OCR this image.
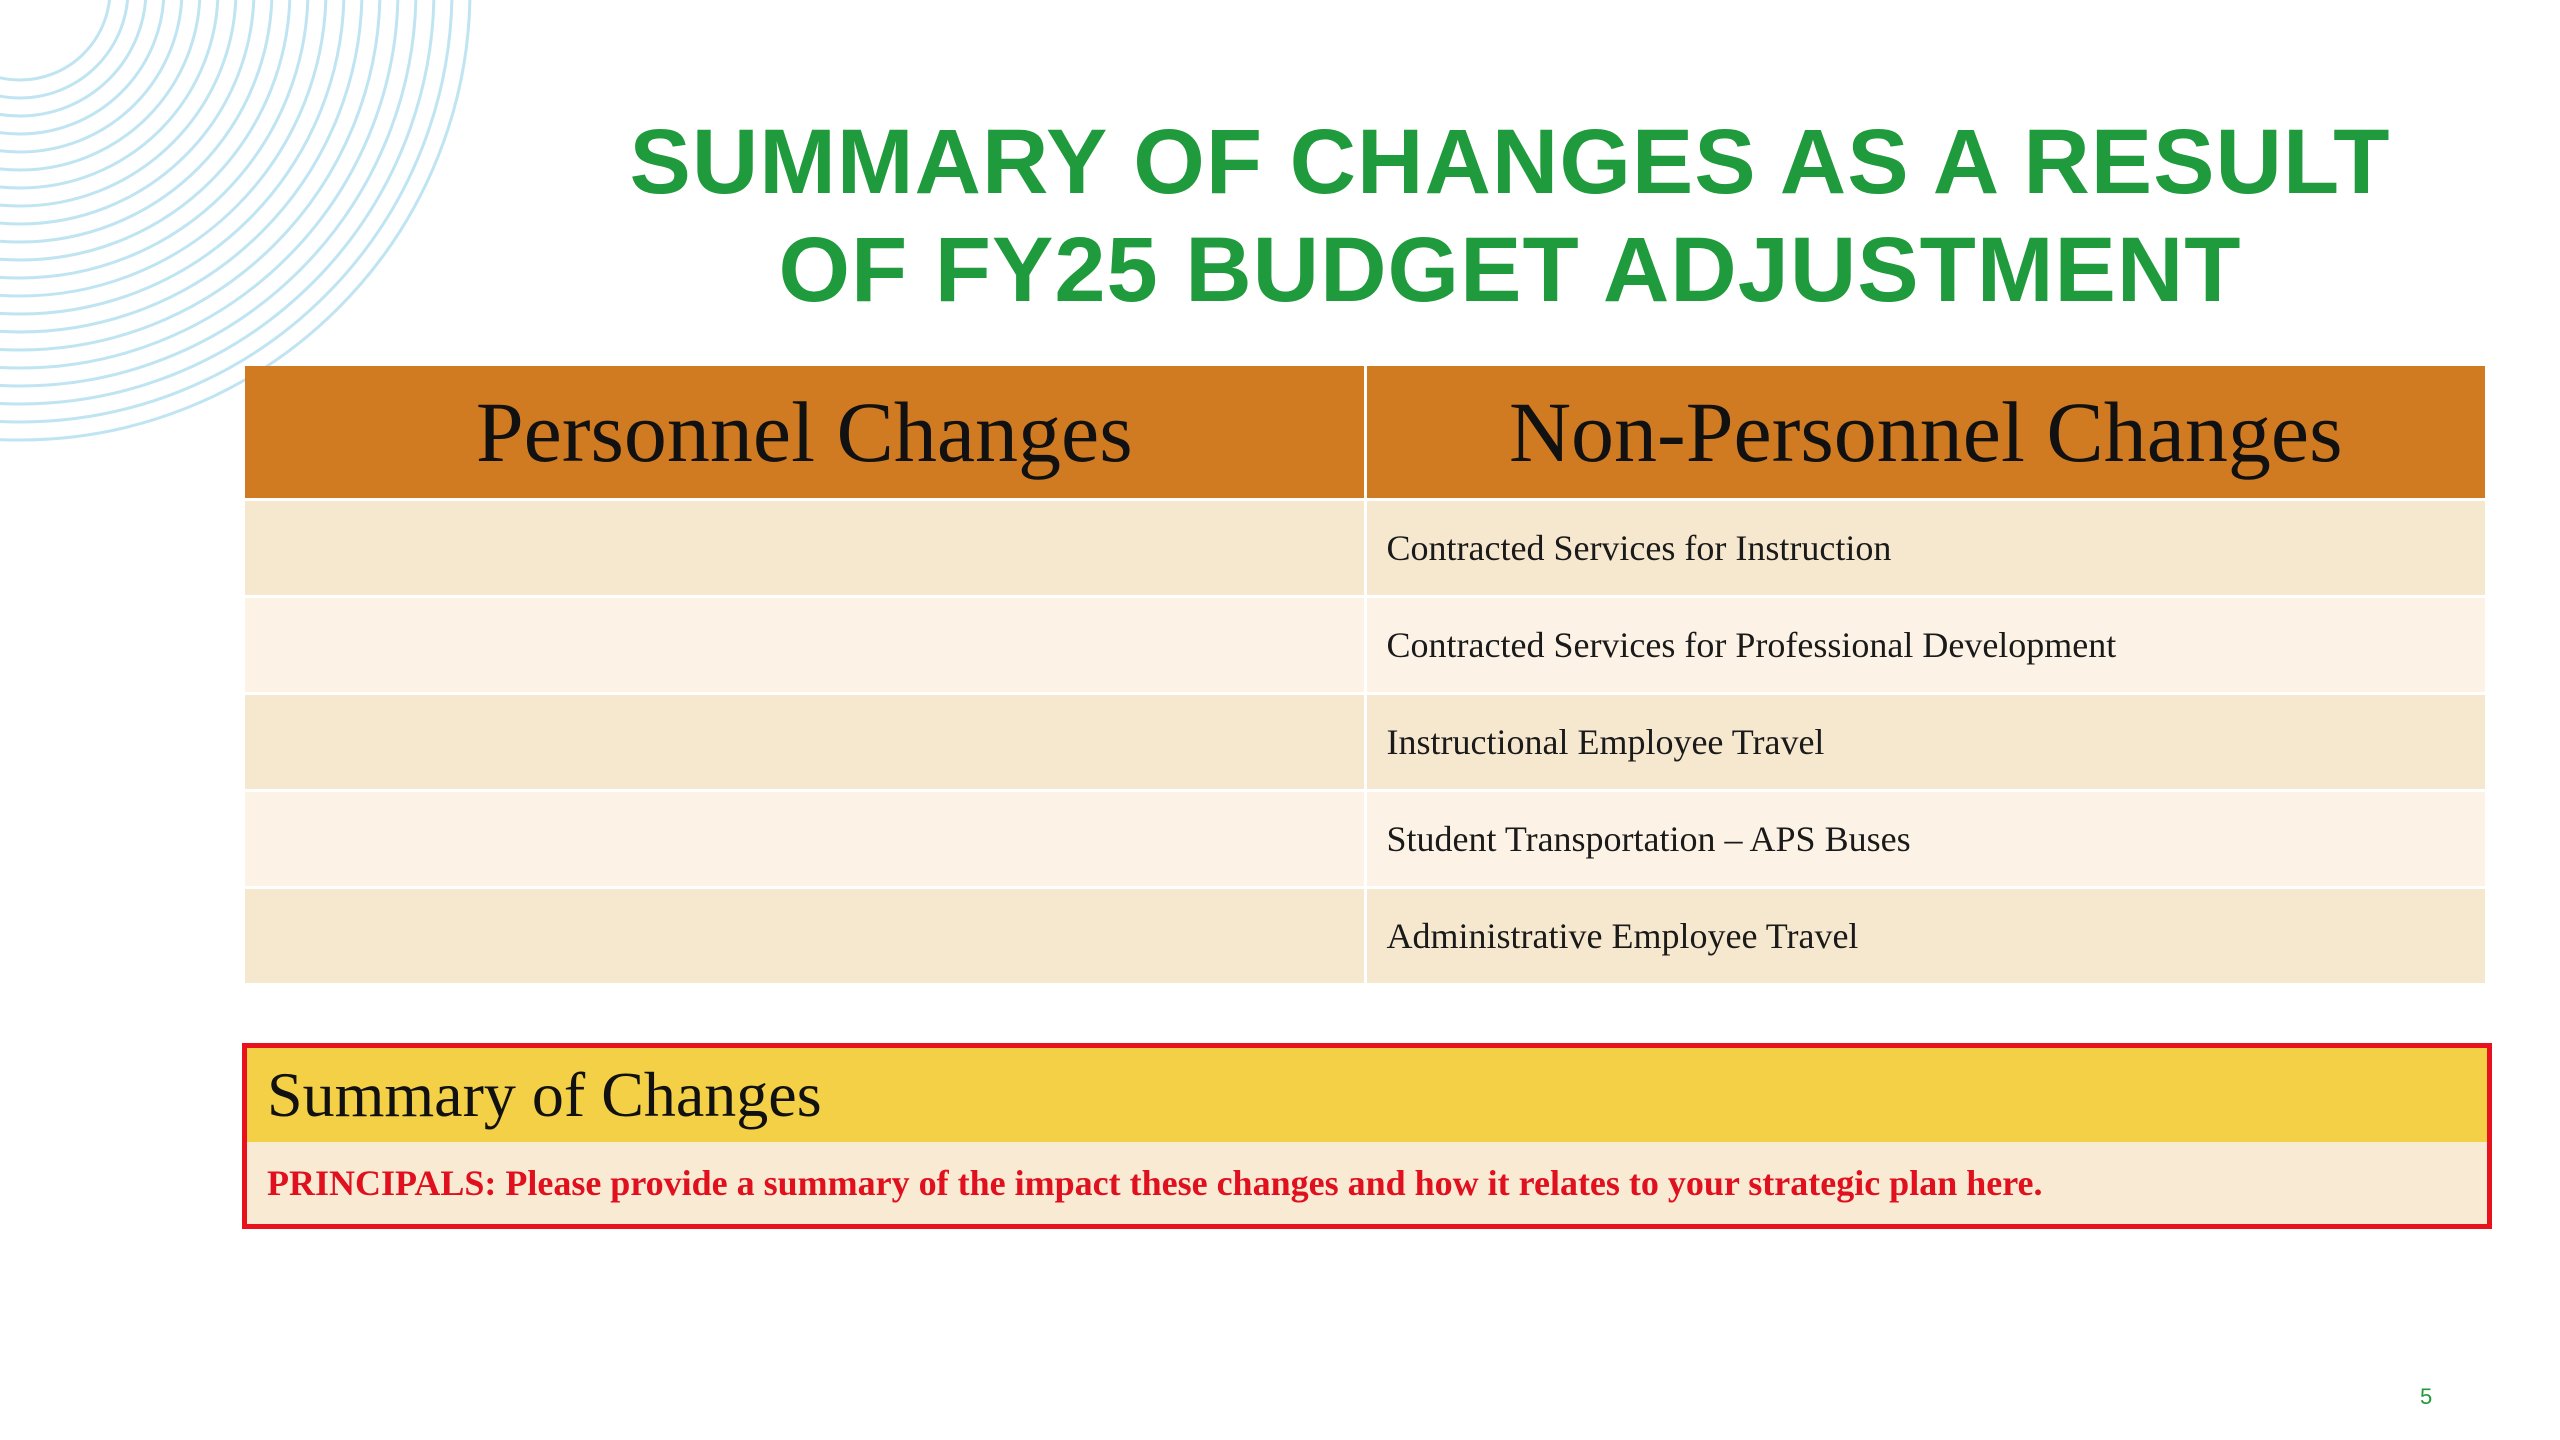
SUMMARY OF CHANGES AS A RESULT
OF FY25 BUDGET ADJUSTMENT
Personnel Changes	Non-Personnel Changes
	Contracted Services for Instruction
	Contracted Services for Professional Development
	Instructional Employee Travel
	Student Transportation – APS Buses
	Administrative Employee Travel
Summary of Changes
PRINCIPALS: Please provide a summary of the impact these changes and how it relates to your strategic plan here.
5
